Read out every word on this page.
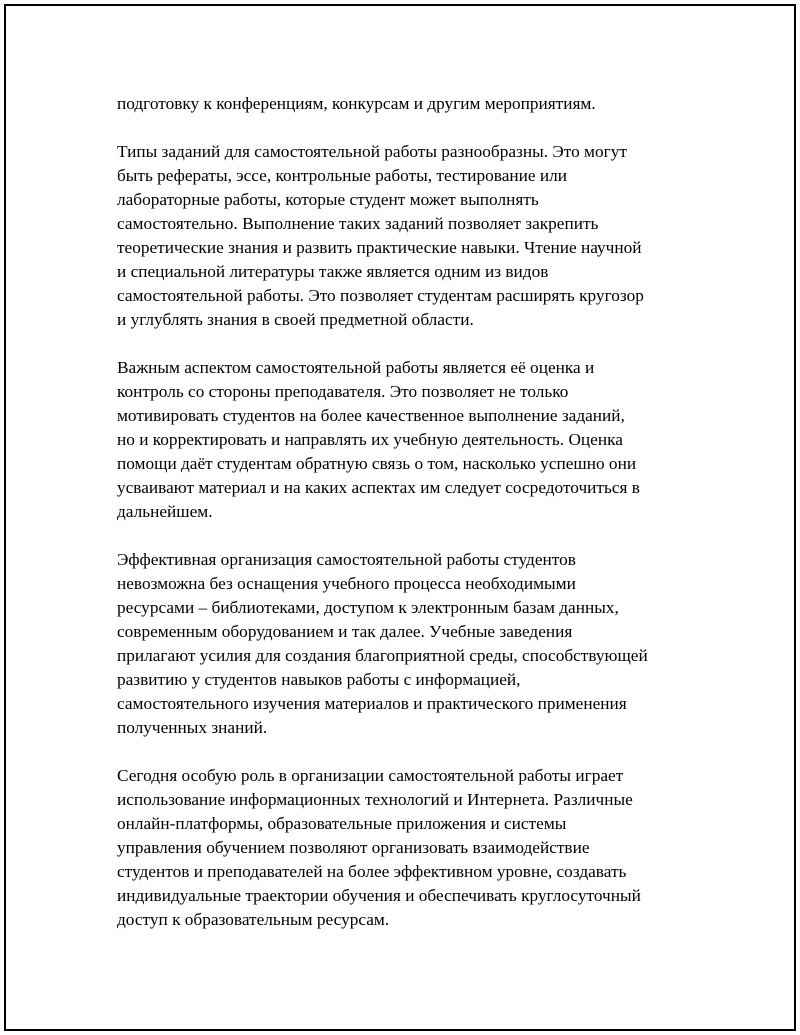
подготовку к конференциям, конкурсам и другим мероприятиям.

Типы заданий для самостоятельной работы разнообразны. Это могут

быть рефераты, эссе, контрольные работы, тестирование или

лабораторные работы, которые студент может выполнять

самостоятельно. Выполнение таких заданий позволяет закрепить

теоретические знания и развить практические навыки. Чтение научной

и специальной литературы также является одним из видов

самостоятельной работы. Это позволяет студентам расширять кругозор

и углублять знания в своей предметной области.

Важным аспектом самостоятельной работы является её оценка и

контроль со стороны преподавателя. Это позволяет не только

мотивировать студентов на более качественное выполнение заданий,

но и корректировать и направлять их учебную деятельность. Оценка

помощи даёт студентам обратную связь о том, насколько успешно они

усваивают материал и на каких аспектах им следует сосредоточиться в

дальнейшем.

Эффективная организация самостоятельной работы студентов

невозможна без оснащения учебного процесса необходимыми

ресурсами – библиотеками, доступом к электронным базам данных,

современным оборудованием и так далее. Учебные заведения

прилагают усилия для создания благоприятной среды, способствующей

развитию у студентов навыков работы с информацией,

самостоятельного изучения материалов и практического применения

полученных знаний.

Сегодня особую роль в организации самостоятельной работы играет

использование информационных технологий и Интернета. Различные

онлайн-платформы, образовательные приложения и системы

управления обучением позволяют организовать взаимодействие

студентов и преподавателей на более эффективном уровне, создавать

индивидуальные траектории обучения и обеспечивать круглосуточный

доступ к образовательным ресурсам.
